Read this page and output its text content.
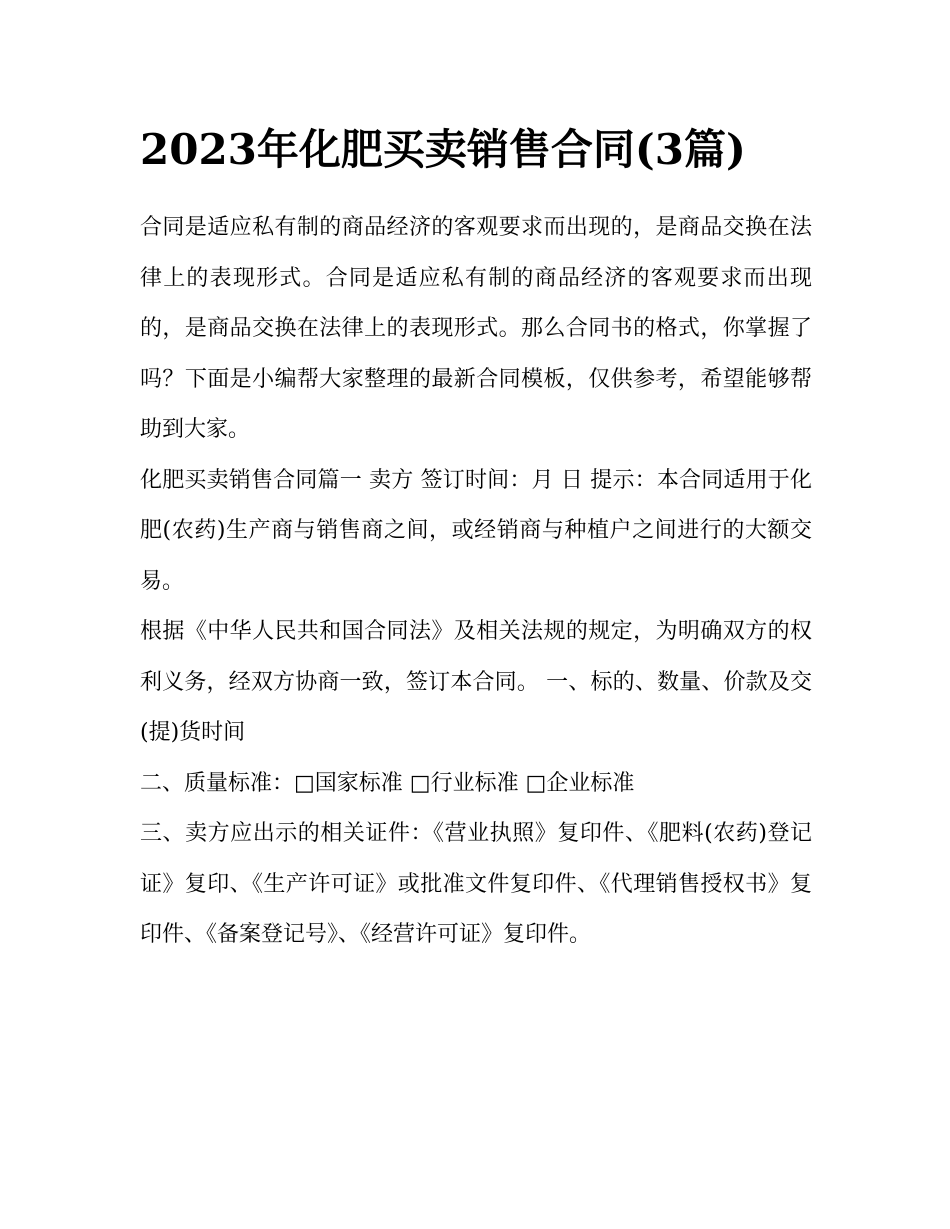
2023年化肥买卖销售合同(3篇)

合同是适应私有制的商品经济的客观要求而出现的，是商品交换在法律上的表现形式。合同是适应私有制的商品经济的客观要求而出现的，是商品交换在法律上的表现形式。那么合同书的格式，你掌握了吗？下面是小编帮大家整理的最新合同模板，仅供参考，希望能够帮助到大家。

化肥买卖销售合同篇一 卖方 签订时间：月 日 提示：本合同适用于化肥(农药)生产商与销售商之间，或经销商与种植户之间进行的大额交易。

根据《中华人民共和国合同法》及相关法规的规定，为明确双方的权利义务，经双方协商一致，签订本合同。 一、标的、数量、价款及交(提)货时间

二、质量标准：□国家标准 □行业标准 □企业标准

三、卖方应出示的相关证件：《营业执照》复印件、《肥料(农药)登记证》复印、《生产许可证》或批准文件复印件、《代理销售授权书》复印件、《备案登记号》、《经营许可证》复印件。
